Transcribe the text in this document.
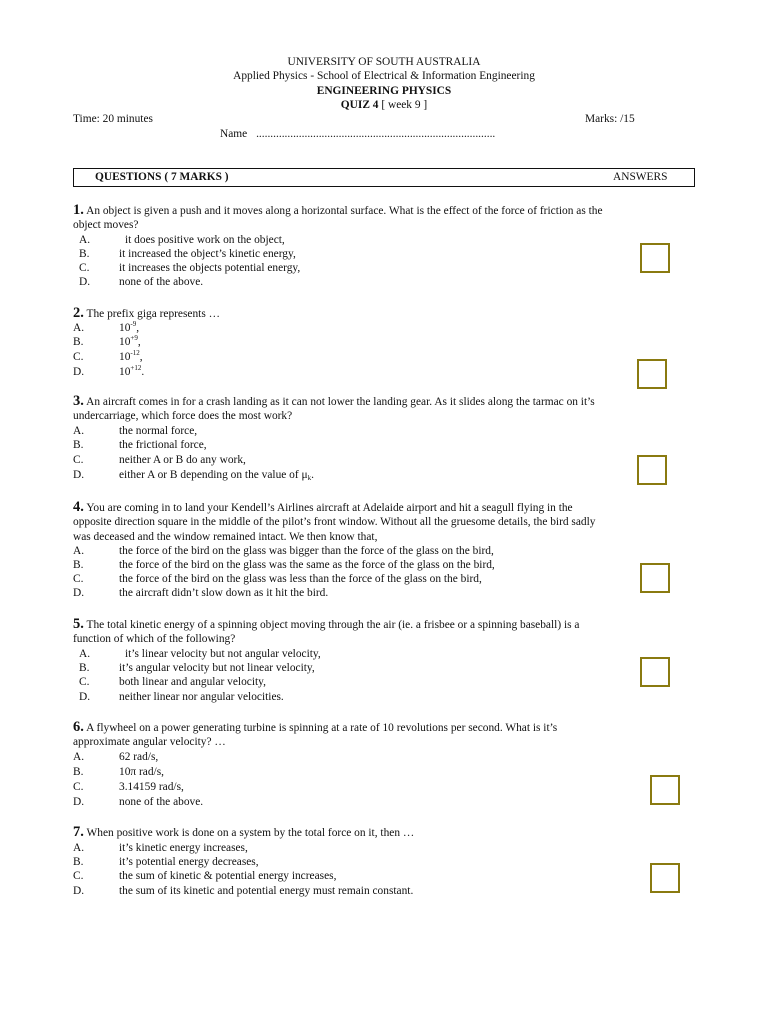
UNIVERSITY OF SOUTH AUSTRALIA
Applied Physics - School of Electrical & Information Engineering
ENGINEERING PHYSICS
QUIZ 4 [ week 9 ]
Time: 20 minutes	Marks: /15
Name ....................................................................................
QUESTIONS ( 7 MARKS )	ANSWERS
1. An object is given a push and it moves along a horizontal surface. What is the effect of the force of friction as the
object moves?
A.	it does positive work on the object,
B.	it increased the object’s kinetic energy,
C.	it increases the objects potential energy,
D.	none of the above.
2. The prefix giga represents …
A.	$10^{-9}$,
B.	$10^{+9}$,
C.	$10^{-12}$,
D.	$10^{+12}$.
3. An aircraft comes in for a crash landing as it can not lower the landing gear. As it slides along the tarmac on it’s
undercarriage, which force does the most work?
A.	the normal force,
B.	the frictional force,
C.	neither A or B do any work,
D.	either A or B depending on the value of $\mu_k$.
4. You are coming in to land your Kendell’s Airlines aircraft at Adelaide airport and hit a seagull flying in the
opposite direction square in the middle of the pilot’s front window. Without all the gruesome details, the bird sadly
was deceased and the window remained intact. We then know that,
A.	the force of the bird on the glass was bigger than the force of the glass on the bird,
B.	the force of the bird on the glass was the same as the force of the glass on the bird,
C.	the force of the bird on the glass was less than the force of the glass on the bird,
D.	the aircraft didn’t slow down as it hit the bird.
5. The total kinetic energy of a spinning object moving through the air (ie. a frisbee or a spinning baseball) is a
function of which of the following?
A.	it’s linear velocity but not angular velocity,
B.	it’s angular velocity but not linear velocity,
C.	both linear and angular velocity,
D.	neither linear nor angular velocities.
6. A flywheel on a power generating turbine is spinning at a rate of 10 revolutions per second. What is it’s
approximate angular velocity? …
A.	62 rad/s,
B.	10π rad/s,
C.	3.14159 rad/s,
D.	none of the above.
7. When positive work is done on a system by the total force on it, then …
A.	it’s kinetic energy increases,
B.	it’s potential energy decreases,
C.	the sum of kinetic & potential energy increases,
D.	the sum of its kinetic and potential energy must remain constant.
